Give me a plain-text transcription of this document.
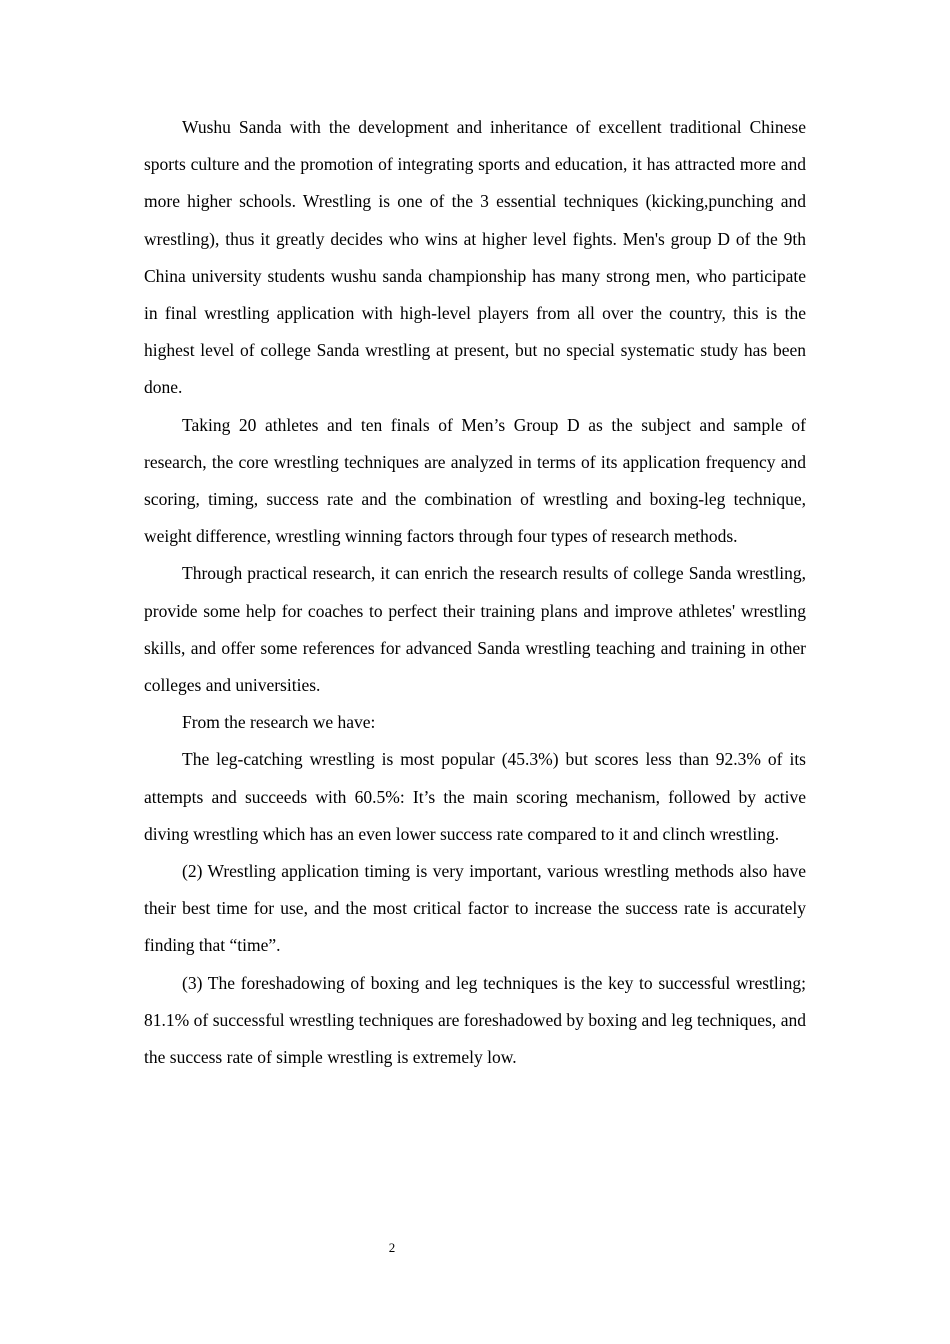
Wushu Sanda with the development and inheritance of excellent traditional Chinese sports culture and the promotion of integrating sports and education, it has attracted more and more higher schools. Wrestling is one of the 3 essential techniques (kicking,punching and wrestling), thus it greatly decides who wins at higher level fights. Men's group D of the 9th China university students wushu sanda championship has many strong men, who participate in final wrestling application with high-level players from all over the country, this is the highest level of college Sanda wrestling at present, but no special systematic study has been done.

Taking 20 athletes and ten finals of Men’s Group D as the subject and sample of research, the core wrestling techniques are analyzed in terms of its application frequency and scoring, timing, success rate and the combination of wrestling and boxing-leg technique, weight difference, wrestling winning factors through four types of research methods.

Through practical research, it can enrich the research results of college Sanda wrestling, provide some help for coaches to perfect their training plans and improve athletes' wrestling skills, and offer some references for advanced Sanda wrestling teaching and training in other colleges and universities.

From the research we have:

The leg-catching wrestling is most popular (45.3%) but scores less than 92.3% of its attempts and succeeds with 60.5%: It’s the main scoring mechanism, followed by active diving wrestling which has an even lower success rate compared to it and clinch wrestling.

(2) Wrestling application timing is very important, various wrestling methods also have their best time for use, and the most critical factor to increase the success rate is accurately finding that “time”.

(3) The foreshadowing of boxing and leg techniques is the key to successful wrestling; 81.1% of successful wrestling techniques are foreshadowed by boxing and leg techniques, and the success rate of simple wrestling is extremely low.

2
